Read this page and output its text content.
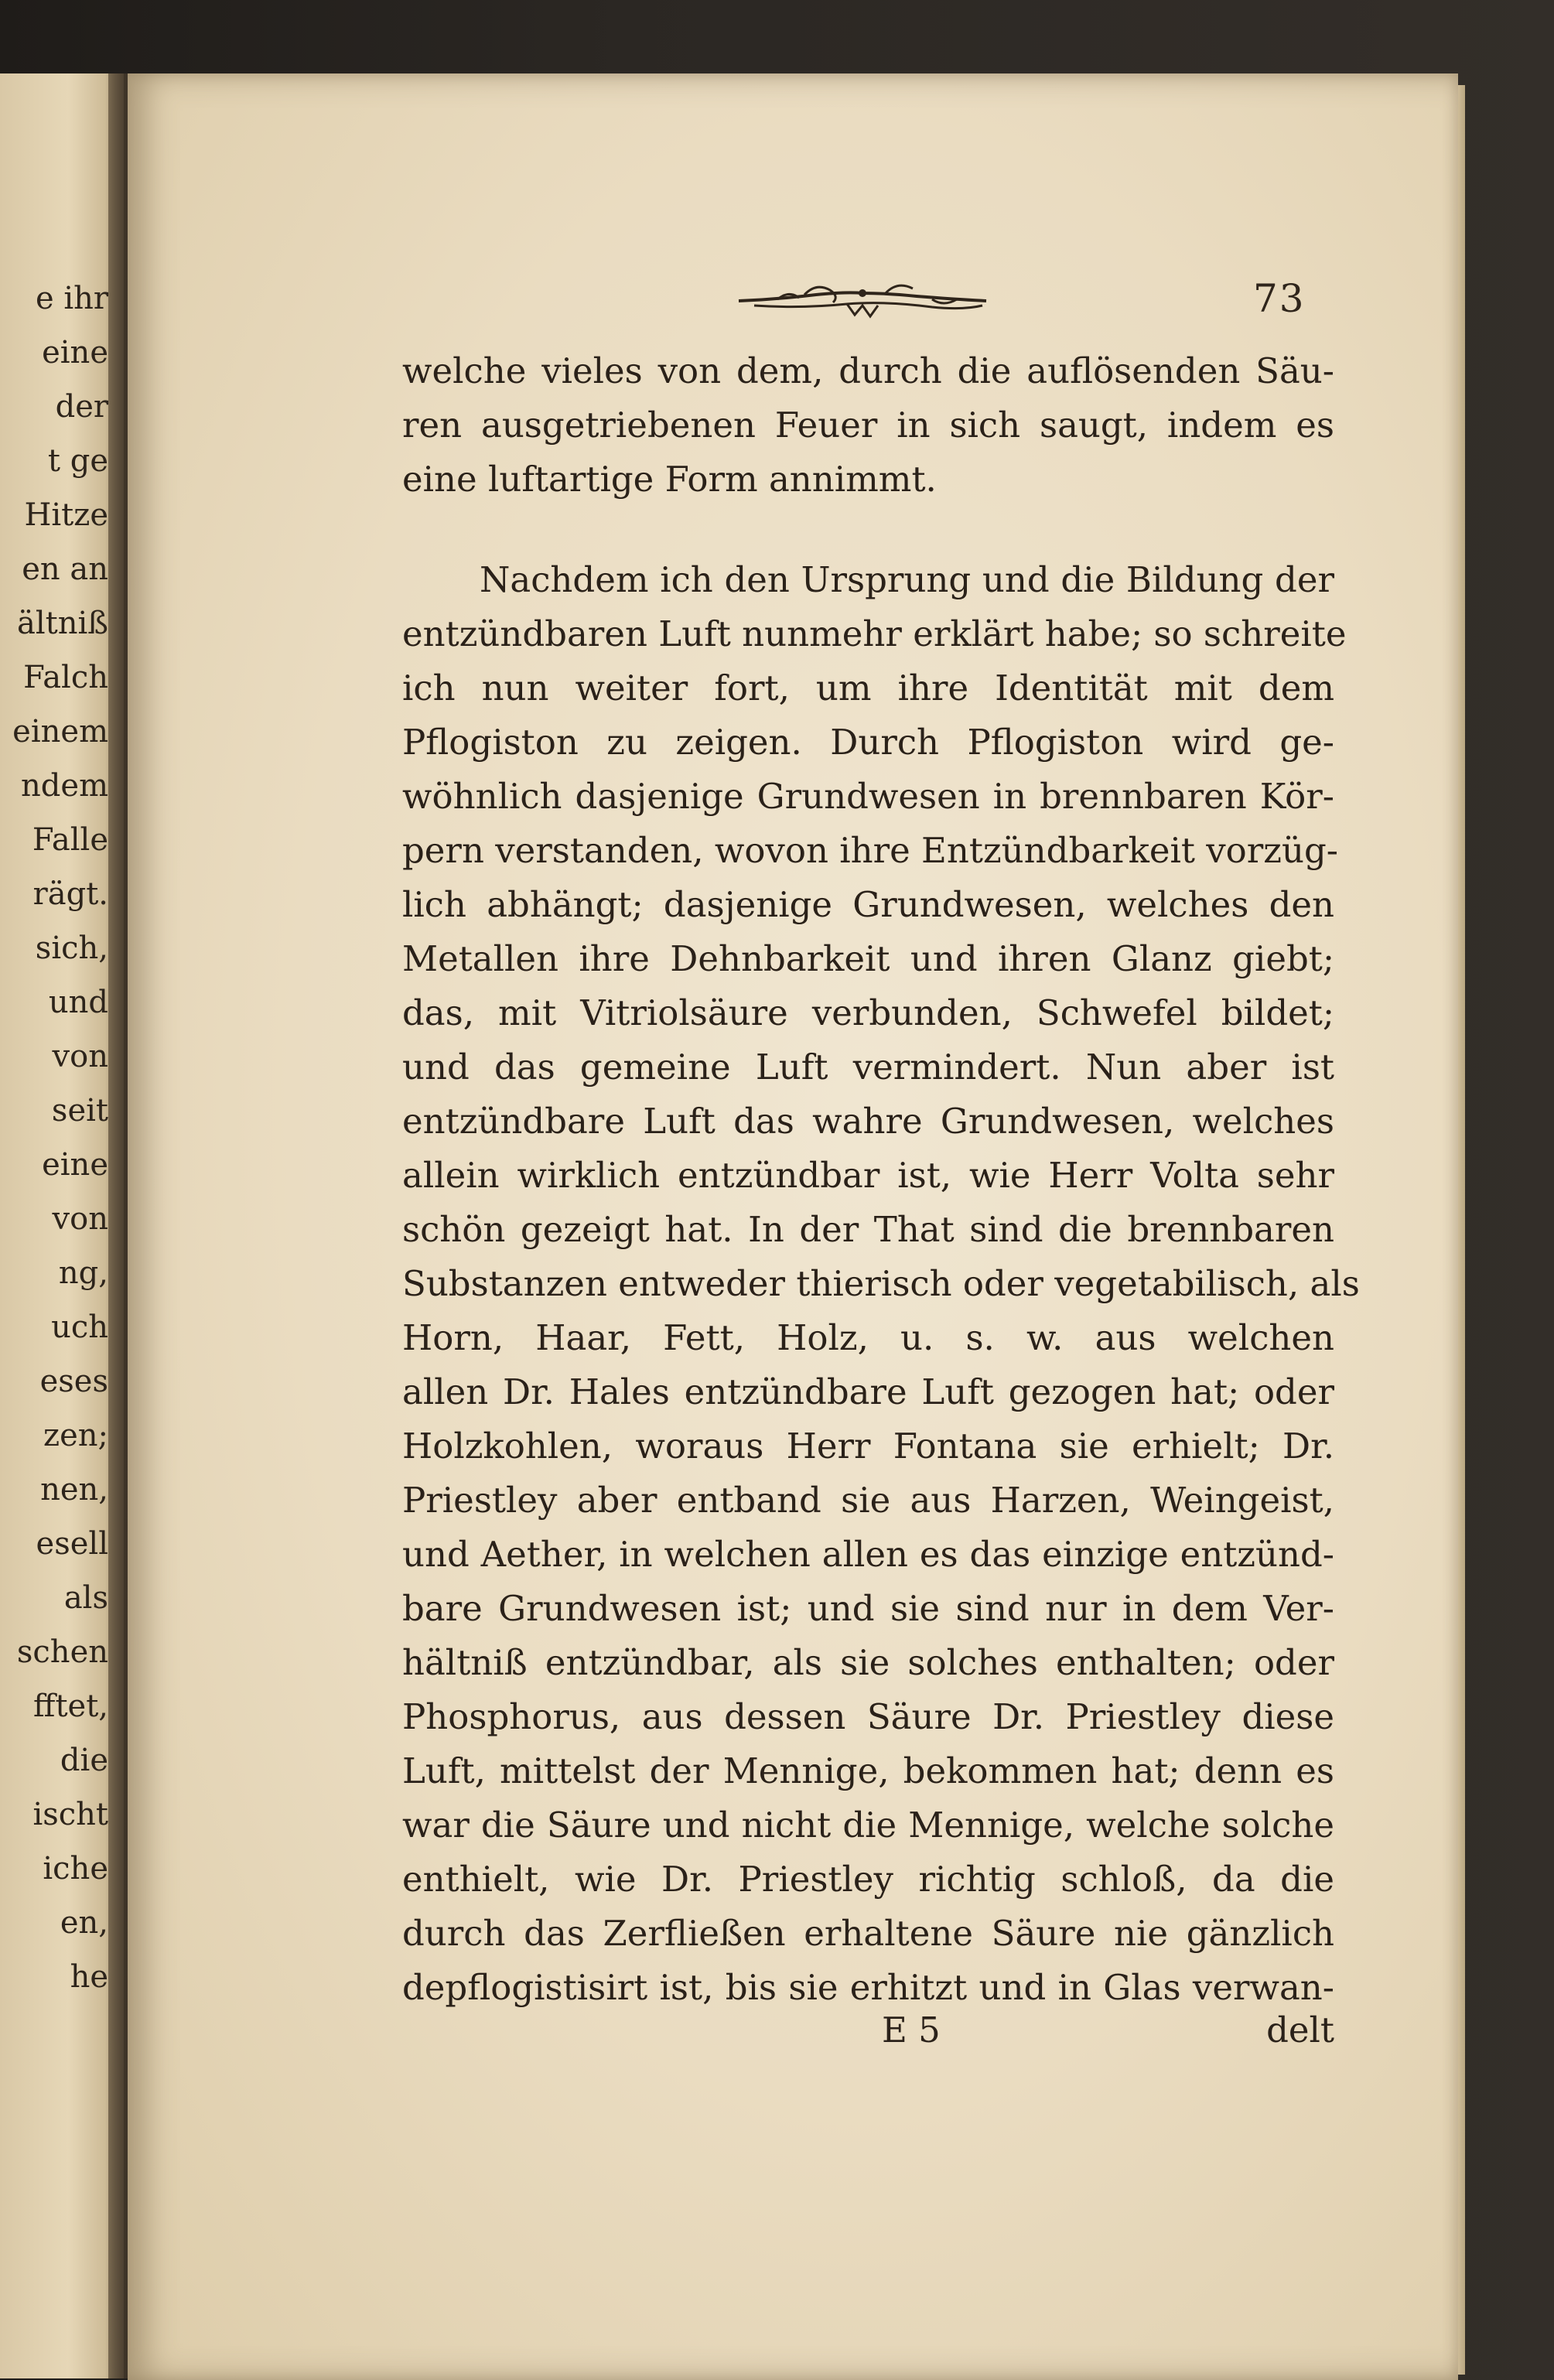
e ihr
eine
der
t ge
Hitze
en an
ältniß
Falch
einem
ndem
Falle
rägt.
sich,
und
von
seit
eine
von
ng,
uch
eses
zen;
nen,
esell
als
schen
fftet,
die
ischt
iche
en,
he
73
welche vieles von dem, durch die auflösenden Säu-
ren ausgetriebenen Feuer in sich saugt, indem es
eine luftartige Form annimmt.
Nachdem ich den Ursprung und die Bildung der
entzündbaren Luft nunmehr erklärt habe; so schreite
ich nun weiter fort, um ihre Identität mit dem
Pflogiston zu zeigen. Durch Pflogiston wird ge-
wöhnlich dasjenige Grundwesen in brennbaren Kör-
pern verstanden, wovon ihre Entzündbarkeit vorzüg-
lich abhängt; dasjenige Grundwesen, welches den
Metallen ihre Dehnbarkeit und ihren Glanz giebt;
das, mit Vitriolsäure verbunden, Schwefel bildet;
und das gemeine Luft vermindert. Nun aber ist
entzündbare Luft das wahre Grundwesen, welches
allein wirklich entzündbar ist, wie Herr Volta sehr
schön gezeigt hat. In der That sind die brennbaren
Substanzen entweder thierisch oder vegetabilisch, als
Horn, Haar, Fett, Holz, u. s. w. aus welchen
allen Dr. Hales entzündbare Luft gezogen hat; oder
Holzkohlen, woraus Herr Fontana sie erhielt; Dr.
Priestley aber entband sie aus Harzen, Weingeist,
und Aether, in welchen allen es das einzige entzünd-
bare Grundwesen ist; und sie sind nur in dem Ver-
hältniß entzündbar, als sie solches enthalten; oder
Phosphorus, aus dessen Säure Dr. Priestley diese
Luft, mittelst der Mennige, bekommen hat; denn es
war die Säure und nicht die Mennige, welche solche
enthielt, wie Dr. Priestley richtig schloß, da die
durch das Zerfließen erhaltene Säure nie gänzlich
depflogistisirt ist, bis sie erhitzt und in Glas verwan-
E 5	delt
